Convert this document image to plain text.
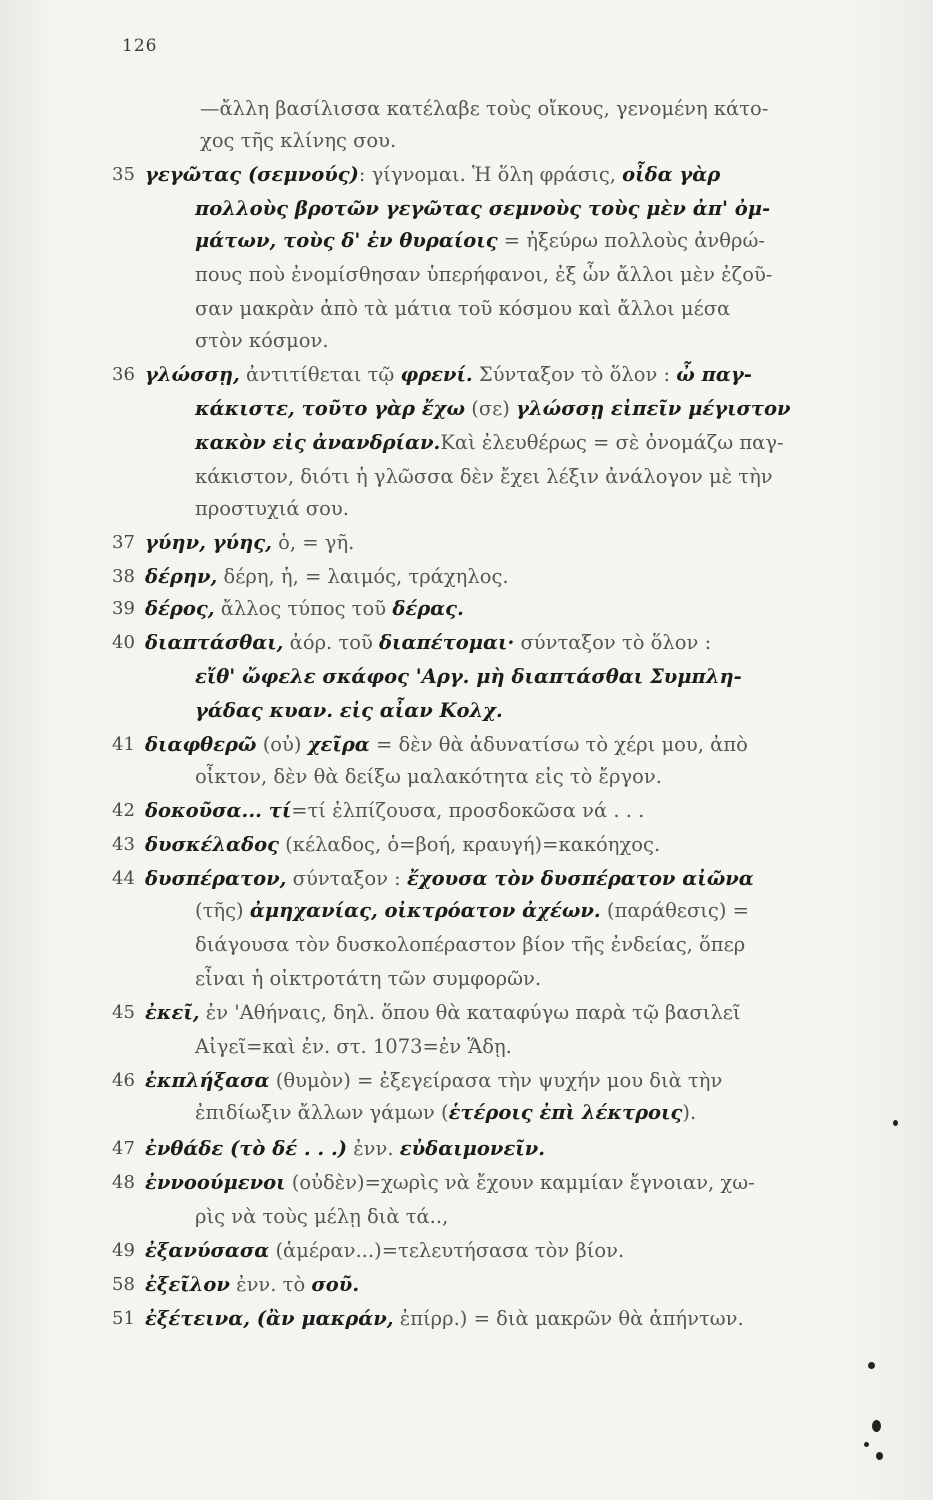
126
—ἄλλη βασίλισσα κατέλαβε τοὺς οἴκους, γενομένη κάτο-
χος τῆς κλίνης σου.
35 γεγῶτας (σεμνούς): γίγνομαι. Ἡ ὅλη φράσις, οἶδα γὰρ
πολλοὺς βροτῶν γεγῶτας σεμνοὺς τοὺς μὲν ἀπ' ὀμ-
μάτων, τοὺς δ' ἐν θυραίοις = ἠξεύρω πολλοὺς ἀνθρώ-
πους ποὺ ἐνομίσθησαν ὑπερήφανοι, ἐξ ὧν ἄλλοι μὲν ἐζοῦ-
σαν μακρὰν ἀπὸ τὰ μάτια τοῦ κόσμου καὶ ἄλλοι μέσα
στὸν κόσμον.
36 γλώσσῃ, ἀντιτίθεται τῷ φρενί. Σύνταξον τὸ ὅλον : ὦ παγ-
κάκιστε, τοῦτο γὰρ ἔχω (σε) γλώσσῃ εἰπεῖν μέγιστον
κακὸν εἰς ἀνανδρίαν.Καὶ ἐλευθέρως = σὲ ὀνομάζω παγ-
κάκιστον, διότι ἡ γλῶσσα δὲν ἔχει λέξιν ἀνάλογον μὲ τὴν
προστυχιά σου.
37 γύην, γύης, ὁ, = γῆ.
38 δέρην, δέρη, ἡ, = λαιμός, τράχηλος.
39 δέρος, ἄλλος τύπος τοῦ δέρας.
40 διαπτάσθαι, ἀόρ. τοῦ διαπέτομαι· σύνταξον τὸ ὅλον :
εἴθ' ὤφελε σκάφος 'Αργ. μὴ διαπτάσθαι Συμπλη-
γάδας κυαν. εἰς αἶαν Κολχ.
41 διαφθερῶ (οὐ) χεῖρα = δὲν θὰ ἀδυνατίσω τὸ χέρι μου, ἀπὸ
οἶκτον, δὲν θὰ δείξω μαλακότητα εἰς τὸ ἔργον.
42 δοκοῦσα... τί=τί ἐλπίζουσα, προσδοκῶσα νά . . .
43 δυσκέλαδος (κέλαδος, ὁ=βοή, κραυγή)=κακόηχος.
44 δυσπέρατον, σύνταξον : ἔχουσα τὸν δυσπέρατον αἰῶνα
(τῆς) ἀμηχανίας, οἰκτρόατον ἀχέων. (παράθεσις) =
διάγουσα τὸν δυσκολοπέραστον βίον τῆς ἐνδείας, ὅπερ
εἶναι ἡ οἰκτροτάτη τῶν συμφορῶν.
45 ἐκεῖ, ἐν 'Αθήναις, δηλ. ὅπου θὰ καταφύγω παρὰ τῷ βασιλεῖ
Αἰγεῖ=καὶ ἐν. στ. 1073=ἐν Ἅδῃ.
46 ἐκπλήξασα (θυμὸν) = ἐξεγείρασα τὴν ψυχήν μου διὰ τὴν
ἐπιδίωξιν ἄλλων γάμων (ἑτέροις ἐπὶ λέκτροις).
47 ἐνθάδε (τὸ δέ . . .) ἐνν. εὐδαιμονεῖν.
48 ἐννοούμενοι (οὐδὲν)=χωρὶς νὰ ἔχουν καμμίαν ἔγνοιαν, χω-
ρὶς νὰ τοὺς μέλῃ διὰ τά..,
49 ἐξανύσασα (ἁμέραν...)=τελευτήσασα τὸν βίον.
58 ἐξεῖλον ἐνν. τὸ σοῦ.
51 ἐξέτεινα, (ἂν μακράν, ἐπίρρ.) = διὰ μακρῶν θὰ ἀπήντων.
